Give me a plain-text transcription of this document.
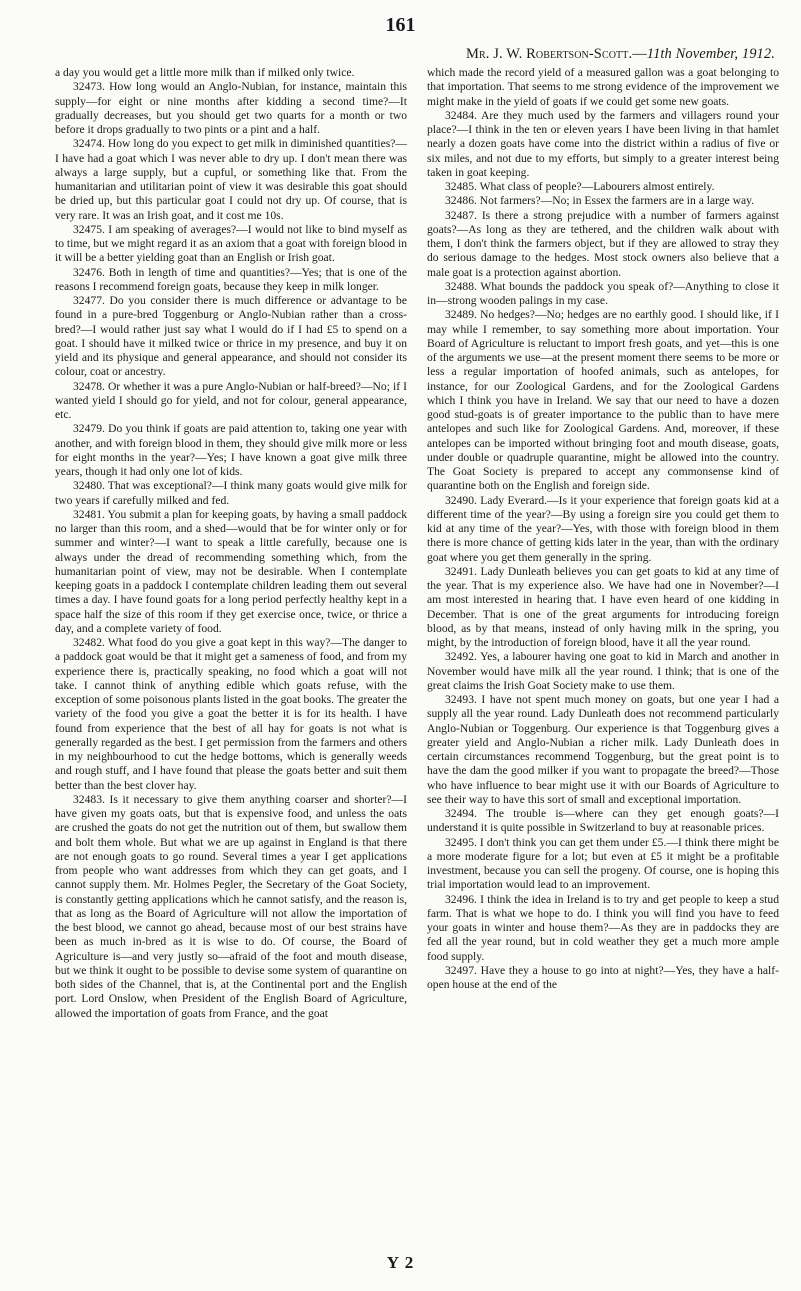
161
Mr. J. W. Robertson-Scott.—11th November, 1912.

a day you would get a little more milk than if milked only twice.

32473. How long would an Anglo-Nubian, for instance, maintain this supply—for eight or nine months after kidding a second time?—It gradually decreases, but you should get two quarts for a month or two before it drops gradually to two pints or a pint and a half.

32474. How long do you expect to get milk in diminished quantities?—I have had a goat which I was never able to dry up. I don't mean there was always a large supply, but a cupful, or something like that. From the humanitarian and utilitarian point of view it was desirable this goat should be dried up, but this particular goat I could not dry up. Of course, that is very rare. It was an Irish goat, and it cost me 10s.

32475. I am speaking of averages?—I would not like to bind myself as to time, but we might regard it as an axiom that a goat with foreign blood in it will be a better yielding goat than an English or Irish goat.

32476. Both in length of time and quantities?—Yes; that is one of the reasons I recommend foreign goats, because they keep in milk longer.

32477. Do you consider there is much difference or advantage to be found in a pure-bred Toggenburg or Anglo-Nubian rather than a cross-bred?—I would rather just say what I would do if I had £5 to spend on a goat. I should have it milked twice or thrice in my presence, and buy it on yield and its physique and general appearance, and should not consider its colour, coat or ancestry.

32478. Or whether it was a pure Anglo-Nubian or half-breed?—No; if I wanted yield I should go for yield, and not for colour, general appearance, etc.

32479. Do you think if goats are paid attention to, taking one year with another, and with foreign blood in them, they should give milk more or less for eight months in the year?—Yes; I have known a goat give milk three years, though it had only one lot of kids.

32480. That was exceptional?—I think many goats would give milk for two years if carefully milked and fed.

32481. You submit a plan for keeping goats, by having a small paddock no larger than this room, and a shed—would that be for winter only or for summer and winter?—I want to speak a little carefully, because one is always under the dread of recommending something which, from the humanitarian point of view, may not be desirable. When I contemplate keeping goats in a paddock I contemplate children leading them out several times a day. I have found goats for a long period perfectly healthy kept in a space half the size of this room if they get exercise once, twice, or thrice a day, and a complete variety of food.

32482. What food do you give a goat kept in this way?—The danger to a paddock goat would be that it might get a sameness of food, and from my experience there is, practically speaking, no food which a goat will not take. I cannot think of anything edible which goats refuse, with the exception of some poisonous plants listed in the goat books. The greater the variety of the food you give a goat the better it is for its health. I have found from experience that the best of all hay for goats is not what is generally regarded as the best. I get permission from the farmers and others in my neighbourhood to cut the hedge bottoms, which is generally weeds and rough stuff, and I have found that please the goats better and suit them better than the best clover hay.

32483. Is it necessary to give them anything coarser and shorter?—I have given my goats oats, but that is expensive food, and unless the oats are crushed the goats do not get the nutrition out of them, but swallow them and bolt them whole. But what we are up against in England is that there are not enough goats to go round. Several times a year I get applications from people who want addresses from which they can get goats, and I cannot supply them. Mr. Holmes Pegler, the Secretary of the Goat Society, is constantly getting applications which he cannot satisfy, and the reason is, that as long as the Board of Agriculture will not allow the importation of the best blood, we cannot go ahead, because most of our best strains have been as much in-bred as it is wise to do. Of course, the Board of Agriculture is—and very justly so—afraid of the foot and mouth disease, but we think it ought to be possible to devise some system of quarantine on both sides of the Channel, that is, at the Continental port and the English port. Lord Onslow, when President of the English Board of Agriculture, allowed the importation of goats from France, and the goat

which made the record yield of a measured gallon was a goat belonging to that importation. That seems to me strong evidence of the improvement we might make in the yield of goats if we could get some new goats.

32484. Are they much used by the farmers and villagers round your place?—I think in the ten or eleven years I have been living in that hamlet nearly a dozen goats have come into the district within a radius of five or six miles, and not due to my efforts, but simply to a greater interest being taken in goat keeping.

32485. What class of people?—Labourers almost entirely.

32486. Not farmers?—No; in Essex the farmers are in a large way.

32487. Is there a strong prejudice with a number of farmers against goats?—As long as they are tethered, and the children walk about with them, I don't think the farmers object, but if they are allowed to stray they do serious damage to the hedges. Most stock owners also believe that a male goat is a protection against abortion.

32488. What bounds the paddock you speak of?—Anything to close it in—strong wooden palings in my case.

32489. No hedges?—No; hedges are no earthly good. I should like, if I may while I remember, to say something more about importation. Your Board of Agriculture is reluctant to import fresh goats, and yet—this is one of the arguments we use—at the present moment there seems to be more or less a regular importation of hoofed animals, such as antelopes, for instance, for our Zoological Gardens, and for the Zoological Gardens which I think you have in Ireland. We say that our need to have a dozen good stud-goats is of greater importance to the public than to have mere antelopes and such like for Zoological Gardens. And, moreover, if these antelopes can be imported without bringing foot and mouth disease, goats, under double or quadruple quarantine, might be allowed into the country. The Goat Society is prepared to accept any commonsense kind of quarantine both on the English and foreign side.

32490. Lady Everard.—Is it your experience that foreign goats kid at a different time of the year?—By using a foreign sire you could get them to kid at any time of the year?—Yes, with those with foreign blood in them there is more chance of getting kids later in the year, than with the ordinary goat where you get them generally in the spring.

32491. Lady Dunleath believes you can get goats to kid at any time of the year. That is my experience also. We have had one in November?—I am most interested in hearing that. I have even heard of one kidding in December. That is one of the great arguments for introducing foreign blood, as by that means, instead of only having milk in the spring, you might, by the introduction of foreign blood, have it all the year round.

32492. Yes, a labourer having one goat to kid in March and another in November would have milk all the year round. I think; that is one of the great claims the Irish Goat Society make to use them.

32493. I have not spent much money on goats, but one year I had a supply all the year round. Lady Dunleath does not recommend particularly Anglo-Nubian or Toggenburg. Our experience is that Toggenburg gives a greater yield and Anglo-Nubian a richer milk. Lady Dunleath does in certain circumstances recommend Toggenburg, but the great point is to have the dam the good milker if you want to propagate the breed?—Those who have influence to bear might use it with our Boards of Agriculture to see their way to have this sort of small and exceptional importation.

32494. The trouble is—where can they get enough goats?—I understand it is quite possible in Switzerland to buy at reasonable prices.

32495. I don't think you can get them under £5.—I think there might be a more moderate figure for a lot; but even at £5 it might be a profitable investment, because you can sell the progeny. Of course, one is hoping this trial importation would lead to an improvement.

32496. I think the idea in Ireland is to try and get people to keep a stud farm. That is what we hope to do. I think you will find you have to feed your goats in winter and house them?—As they are in paddocks they are fed all the year round, but in cold weather they get a much more ample food supply.

32497. Have they a house to go into at night?—Yes, they have a half-open house at the end of the

Y 2
